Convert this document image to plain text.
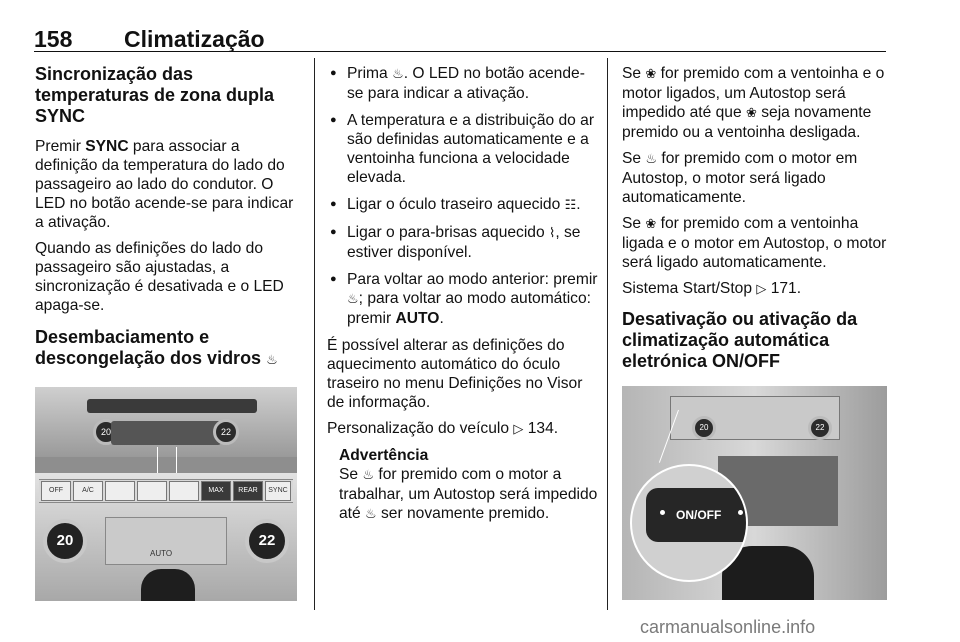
158 Climatização
Sincronização das temperaturas de zona dupla SYNC

Premir SYNC para associar a definição da temperatura do lado do passageiro ao lado do condutor. O LED no botão acende-se para indicar a ativação.

Quando as definições do lado do passageiro são ajustadas, a sincronização é desativada e o LED apaga-se.

Desembaciamento e descongelação dos vidros ♨
20	22
OFF	A/C	MAX	REAR	SYNC
20
AUTO
22
● Prima ♨. O LED no botão acende-se para indicar a ativação.
● A temperatura e a distribuição do ar são definidas automaticamente e a ventoinha funciona a velocidade elevada.
● Ligar o óculo traseiro aquecido ☷.
● Ligar o para-brisas aquecido ⌇, se estiver disponível.
● Para voltar ao modo anterior: premir ♨; para voltar ao modo automático: premir AUTO.

É possível alterar as definições do aquecimento automático do óculo traseiro no menu Definições no Visor de informação.

Personalização do veículo ▷ 134.

Advertência
Se ♨ for premido com o motor a trabalhar, um Autostop será impedido até ♨ ser novamente premido.

Se ❀ for premido com a ventoinha e o motor ligados, um Autostop será impedido até que ❀ seja novamente premido ou a ventoinha desligada.

Se ♨ for premido com o motor em Autostop, o motor será ligado automaticamente.

Se ❀ for premido com a ventoinha ligada e o motor em Autostop, o motor será ligado automaticamente.

Sistema Start/Stop ▷ 171.

Desativação ou ativação da climatização automática eletrónica ON/OFF
20	22
ON/OFF
carmanualsonline.info
